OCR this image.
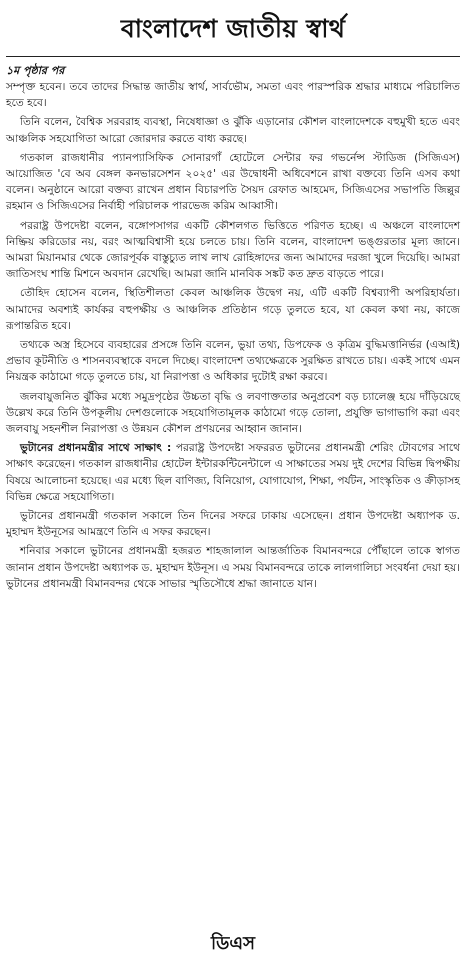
বাংলাদেশ জাতীয় স্বার্থ

১ম পৃষ্ঠার পর

সম্পৃক্ত হবেন। তবে তাদের সিদ্ধান্ত জাতীয় স্বার্থ, সার্বভৌম, সমতা এবং পারস্পরিক শ্রদ্ধার মাধ্যমে পরিচালিত হতে হবে।

তিনি বলেন, বৈশ্বিক সরবরাহ ব্যবস্থা, নিষেধাজ্ঞা ও ঝুঁকি এড়ানোর কৌশল বাংলাদেশকে বহুমুখী হতে এবং আঞ্চলিক সহযোগিতা আরো জোরদার করতে বাধ্য করছে।

গতকাল রাজধানীর প্যানপ্যাসিফিক সোনারগাঁ হোটেলে সেন্টার ফর গভর্নেন্স স্টাডিজ (সিজিএস) আয়োজিত 'বে অব বেঙ্গল কনভারসেশন ২০২৫' এর উদ্বোধনী অধিবেশনে রাখা বক্তব্যে তিনি এসব কথা বলেন। অনুষ্ঠানে আরো বক্তব্য রাখেন প্রধান বিচারপতি সৈয়দ রেফাত আহমেদ, সিজিএসের সভাপতি জিল্লুর রহমান ও সিজিএসের নির্বাহী পরিচালক পারভেজ করিম আব্বাসী।

পররাষ্ট্র উপদেষ্টা বলেন, বঙ্গোপসাগর একটি কৌশলগত ভিত্তিতে পরিণত হচ্ছে। এ অঞ্চলে বাংলাদেশ নিষ্ক্রিয় করিডোর নয়, বরং আত্মবিশ্বাসী হয়ে চলতে চায়। তিনি বলেন, বাংলাদেশ ভঙ্গুরতার মূল্য জানে। আমরা মিয়ানমার থেকে জোরপূর্বক বাস্তুচ্যুত লাখ লাখ রোহিঙ্গাদের জন্য আমাদের দরজা খুলে দিয়েছি। আমরা জাতিসংঘ শান্তি মিশনে অবদান রেখেছি। আমরা জানি মানবিক সঙ্কট কত দ্রুত বাড়তে পারে।

তৌহিদ হোসেন বলেন, স্থিতিশীলতা কেবল আঞ্চলিক উদ্বেগ নয়, এটি একটি বিশ্বব্যাপী অপরিহার্যতা। আমাদের অবশ্যই কার্যকর বহুপক্ষীয় ও আঞ্চলিক প্রতিষ্ঠান গড়ে তুলতে হবে, যা কেবল কথা নয়, কাজে রূপান্তরিত হবে।

তথ্যকে অস্ত্র হিসেবে ব্যবহারের প্রসঙ্গে তিনি বলেন, ভুয়া তথ্য, ডিপফেক ও কৃত্রিম বুদ্ধিমত্তানির্ভর (এআই) প্রভাব কূটনীতি ও শাসনব্যবস্থাকে বদলে দিচ্ছে। বাংলাদেশ তথ্যক্ষেত্রকে সুরক্ষিত রাখতে চায়। একই সাথে এমন নিয়ন্ত্রক কাঠামো গড়ে তুলতে চায়, যা নিরাপত্তা ও অধিকার দুটোই রক্ষা করবে।

জলবায়ুজনিত ঝুঁকির মধ্যে সমুদ্রপৃষ্ঠের উচ্চতা বৃদ্ধি ও লবণাক্ততার অনুপ্রবেশ বড় চ্যালেঞ্জ হয়ে দাঁড়িয়েছে উল্লেখ করে তিনি উপকূলীয় দেশগুলোকে সহযোগিতামূলক কাঠামো গড়ে তোলা, প্রযুক্তি ভাগাভাগি করা এবং জলবায়ু সহনশীল নিরাপত্তা ও উন্নয়ন কৌশল প্রণয়নের আহ্বান জানান।

ভুটানের প্রধানমন্ত্রীর সাথে সাক্ষাৎ : পররাষ্ট্র উপদেষ্টা সফররত ভুটানের প্রধানমন্ত্রী শেরিং টোবগের সাথে সাক্ষাৎ করেছেন। গতকাল রাজধানীর হোটেল ইন্টারকন্টিনেন্টালে এ সাক্ষাতের সময় দুই দেশের বিভিন্ন দ্বিপক্ষীয় বিষয়ে আলোচনা হয়েছে। এর মধ্যে ছিল বাণিজ্য, বিনিয়োগ, যোগাযোগ, শিক্ষা, পর্যটন, সাংস্কৃতিক ও ক্রীড়াসহ বিভিন্ন ক্ষেত্রে সহযোগিতা।

ভুটানের প্রধানমন্ত্রী গতকাল সকালে তিন দিনের সফরে ঢাকায় এসেছেন। প্রধান উপদেষ্টা অধ্যাপক ড. মুহাম্মদ ইউনূসের আমন্ত্রণে তিনি এ সফর করছেন।

শনিবার সকালে ভুটানের প্রধানমন্ত্রী হজরত শাহজালাল আন্তর্জাতিক বিমানবন্দরে পৌঁছালে তাকে স্বাগত জানান প্রধান উপদেষ্টা অধ্যাপক ড. মুহাম্মদ ইউনূস। এ সময় বিমানবন্দরে তাকে লালগালিচা সংবর্ধনা দেয়া হয়। ভুটানের প্রধানমন্ত্রী বিমানবন্দর থেকে সাভার স্মৃতিসৌধে শ্রদ্ধা জানাতে যান।

ডিএস
